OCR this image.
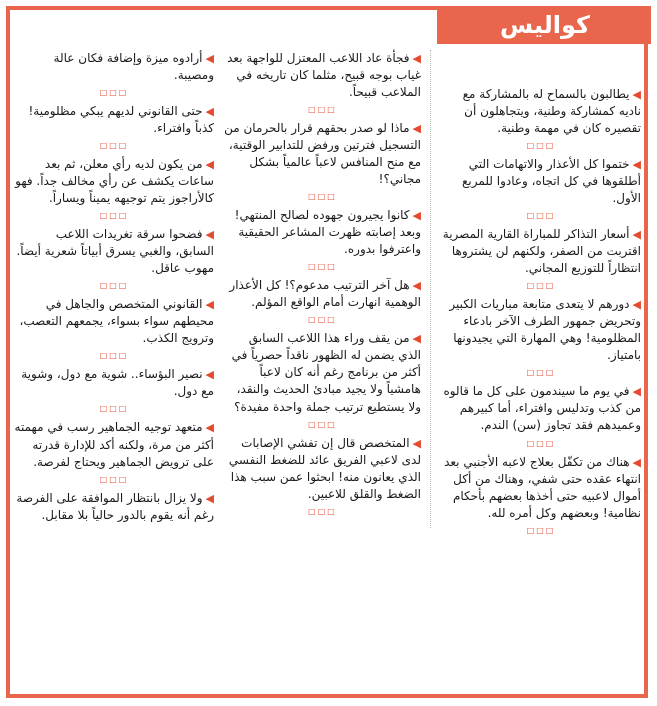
كواليس

◀يطالبون بالسماح له بالمشاركة مع ناديه كمشاركة وطنية، ويتجاهلون أن تقصيره كان في مهمة وطنية.

□□□

◀ختموا كل الأعذار والاتهامات التي أطلقوها في كل اتجاه، وعادوا للمربع الأول.

□□□

◀أسعار التذاكر للمباراة القارية المصرية اقتربت من الصفر، ولكنهم لن يشتروها انتظاراً للتوزيع المجاني.

□□□

◀دورهم لا يتعدى متابعة مباريات الكبير وتحريض جمهور الطرف الآخر بادعاء المظلومية! وهي المهارة التي يجيدونها بامتياز.

□□□

◀في يوم ما سيندمون على كل ما قالوه من كذب وتدليس وافتراء، أما كبيرهم وعميدهم فقد تجاوز (سن) الندم.

□□□

◀هناك من تكفّل بعلاج لاعبه الأجنبي بعد انتهاء عقده حتى شفي، وهناك من أكل أموال لاعبيه حتى أخذها بعضهم بأحكام نظامية! وبعضهم وكل أمره لله.

□□□

◀فجأة عاد اللاعب المعتزل للواجهة بعد غياب بوجه قبيح، مثلما كان تاريخه في الملاعب قبيحاً.

□□□

◀ماذا لو صدر بحقهم قرار بالحرمان من التسجيل فترتين ورفض للتدابير الوقتية، مع منح المنافس لاعباً عالمياً بشكل مجاني؟!

□□□

◀كانوا يجيرون جهوده لصالح المنتهي! وبعد إصابته ظهرت المشاعر الحقيقية واعترفوا بدوره.

□□□

◀هل آخر الترتيب مدعوم؟! كل الأعذار الوهمية انهارت أمام الواقع المؤلم.

□□□

◀من يقف وراء هذا اللاعب السابق الذي يضمن له الظهور ناقداً حصرياً في أكثر من برنامج رغم أنه كان لاعباً هامشياً ولا يجيد مبادئ الحديث والنقد، ولا يستطيع ترتيب جملة واحدة مفيدة؟

□□□

◀المتخصص قال إن تفشي الإصابات لدى لاعبي الفريق عائد للضغط النفسي الذي يعانون منه! ابحثوا عمن سبب هذا الضغط والقلق للاعبين.

□□□

◀أرادوه ميزة وإضافة فكان عالة ومصيبة.

□□□

◀حتى القانوني لديهم يبكي مظلومية! كذباً وافتراء.

□□□

◀من يكون لديه رأي معلن، ثم بعد ساعات يكشف عن رأي مخالف جداً. فهو كالأراجوز يتم توجيهه يميناً ويساراً.

□□□

◀فضحوا سرقة تغريدات اللاعب السابق، والغبي يسرق أبياتاً شعرية أيضاً. مهوب عاقل.

□□□

◀القانوني المتخصص والجاهل في محيطهم سواء بسواء، يجمعهم التعصب، وترويج الكذب.

□□□

◀نصير البؤساء.. شوية مع دول، وشوية مع دول.

□□□

◀متعهد توجيه الجماهير رسب في مهمته أكثر من مرة، ولكنه أكد للإدارة قدرته على ترويض الجماهير ويحتاج لفرصة.

□□□

◀ولا يزال بانتظار الموافقة على الفرصة رغم أنه يقوم بالدور حالياً بلا مقابل.
